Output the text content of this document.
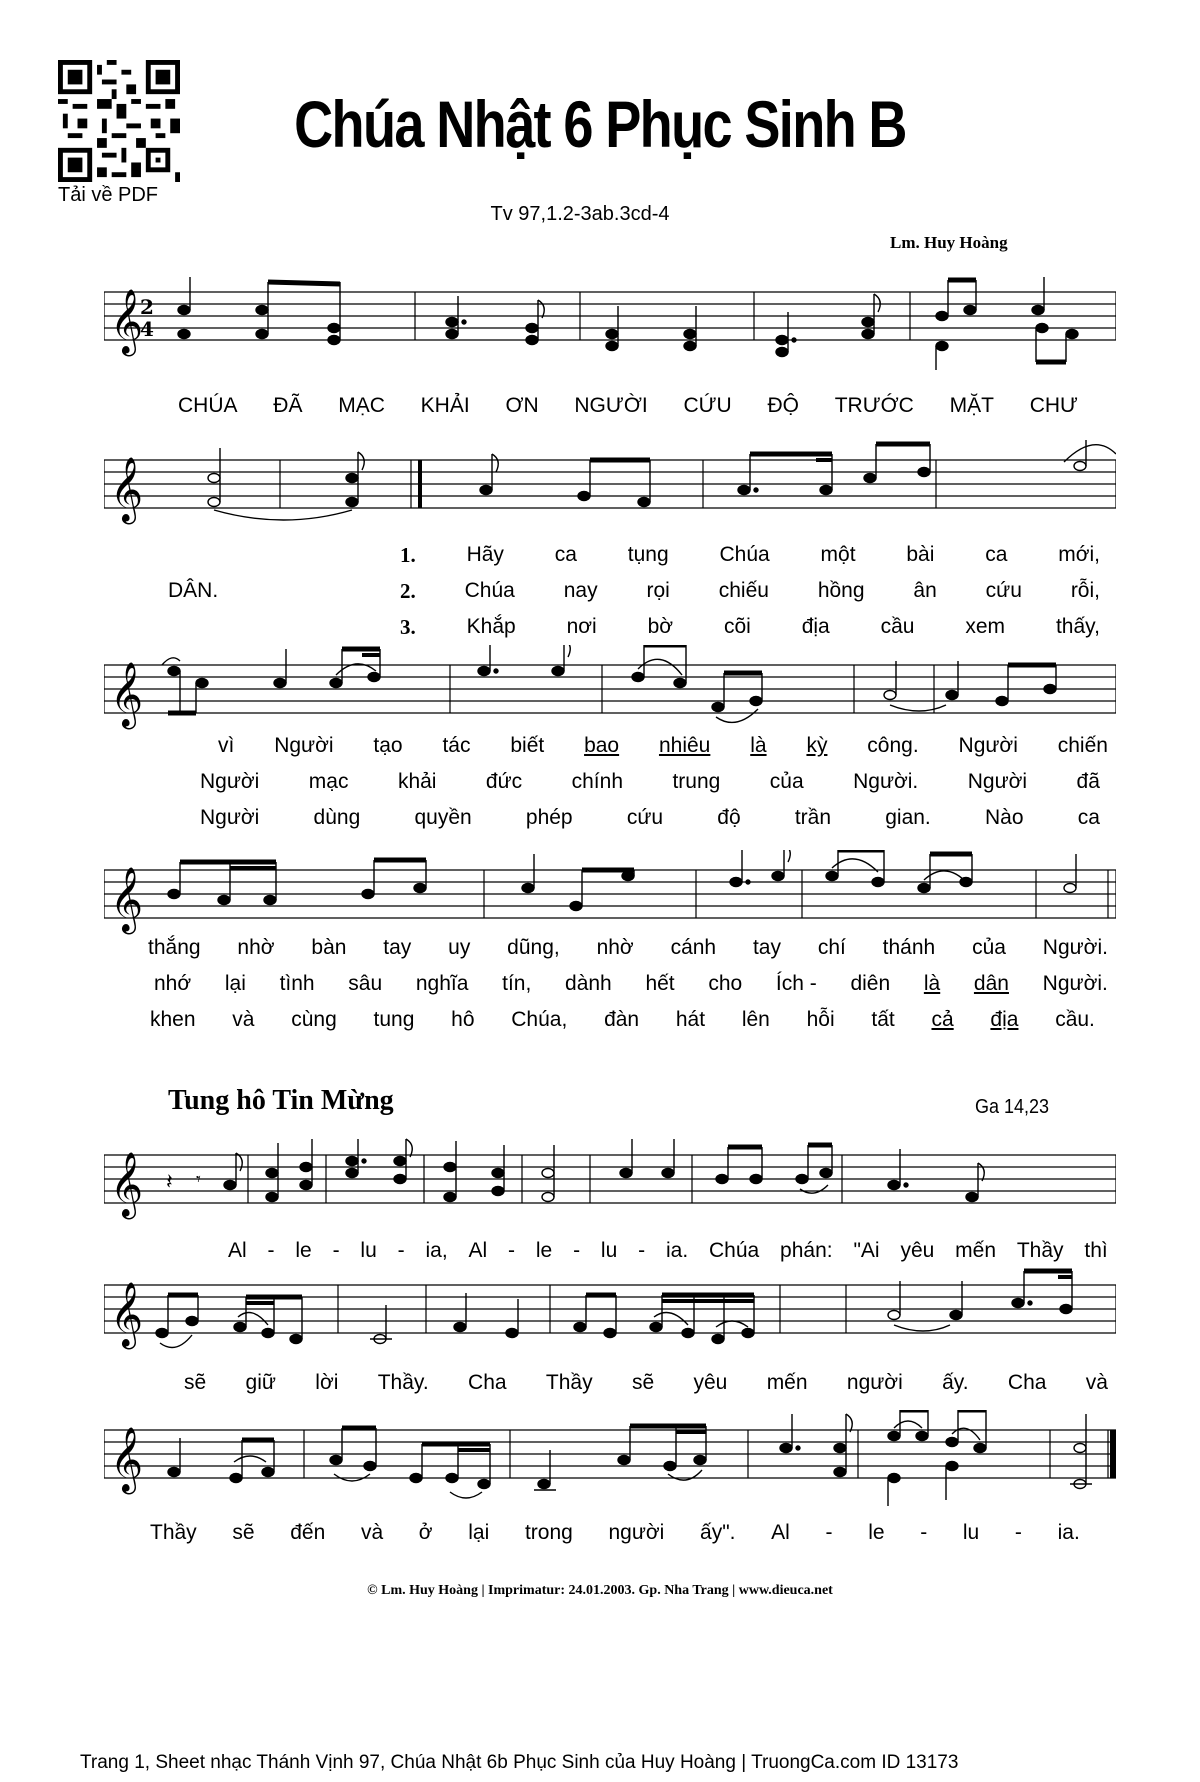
Tải về PDF
Chúa Nhật 6 Phục Sinh B
Tv 97,1.2-3ab.3cd-4
Lm. Huy Hoàng
𝄞
2
4
CHÚA ĐÃ MẠC KHẢI ƠN NGƯỜI CỨU ĐỘ TRƯỚC MẶT CHƯ
𝄞
DÂN.
1. Hãy ca tụng Chúa một bài ca mới,
2. Chúa nay rọi chiếu hồng ân cứu rỗi,
3. Khắp nơi bờ cõi địa cầu xem thấy,
𝄞
vì Người tạo tác biết bao nhiêu là kỳ công. Người chiến
Người mạc khải đức chính trung của Người. Người đã
Người	dùng	quyền	phép	cứu	độ	trần	gian.	Nào	ca
𝄞
thắng nhờ bàn tay uy dũng, nhờ cánh tay chí thánh của Người.
nhớ lại tình sâu nghĩa tín, dành hết cho Ích - diên là dân Người.
khen và cùng tung hô Chúa, đàn hát lên hỗi tất cả địa cầu.
Tung hô Tin Mừng	Ga 14,23
𝄞 𝄽 𝄾
Al - le - lu - ia, Al - le - lu - ia. Chúa phán: "Ai yêu mến Thầy thì
𝄞
sẽ giữ lời Thầy. Cha Thầy sẽ yêu mến người ấy. Cha và
𝄞
Thầy sẽ đến và ở lại trong người ấy". Al - le - lu - ia.
© Lm. Huy Hoàng | Imprimatur: 24.01.2003. Gp. Nha Trang | www.dieuca.net
Trang 1, Sheet nhạc Thánh Vịnh 97, Chúa Nhật 6b Phục Sinh của Huy Hoàng | TruongCa.com ID 13173
